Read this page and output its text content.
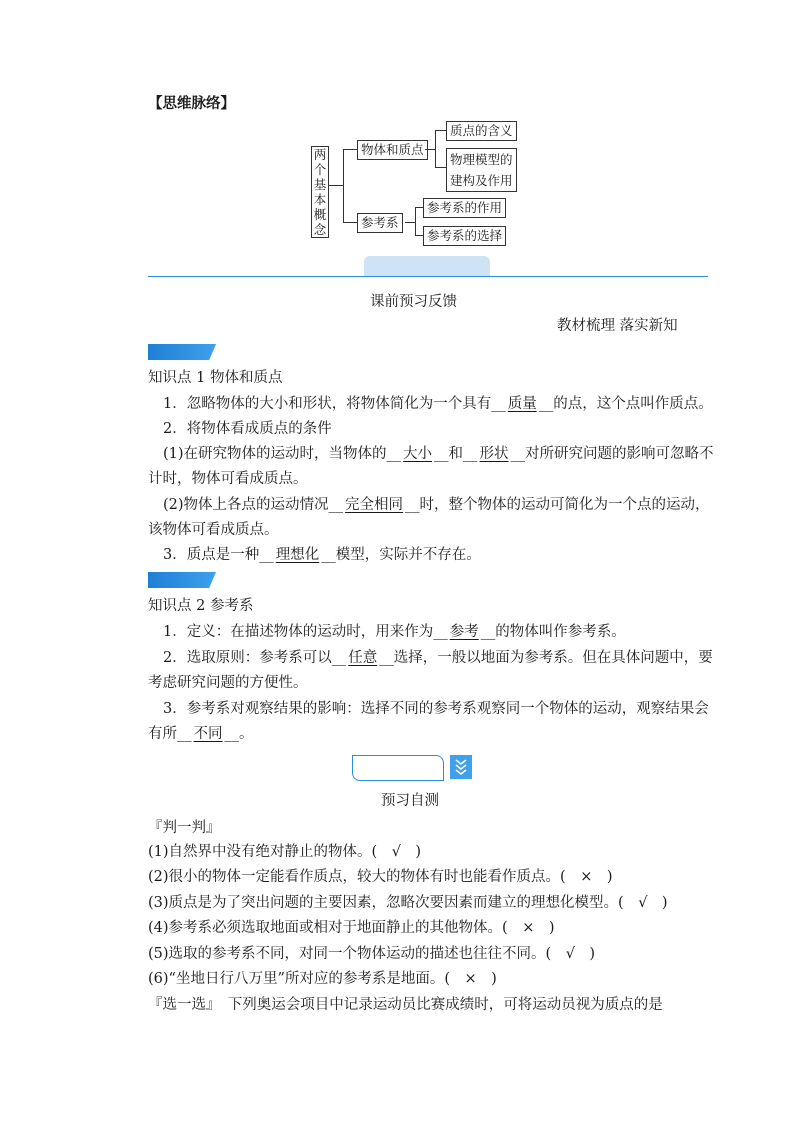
【思维脉络】
两个基本概念
物体和质点
质点的含义
物理模型的
建构及作用
参考系
参考系的作用
参考系的选择
课前预习反馈
教材梳理 落实新知
知识点 1 物体和质点
1．忽略物体的大小和形状，将物体简化为一个具有__ 质量 __的点，这个点叫作质点。
2．将物体看成质点的条件
(1)在研究物体的运动时，当物体的__ 大小 __和__ 形状 __对所研究问题的影响可忽略不
计时，物体可看成质点。
(2)物体上各点的运动情况__ 完全相同 __时，整个物体的运动可简化为一个点的运动，
该物体可看成质点。
3．质点是一种__ 理想化 __模型，实际并不存在。
知识点 2 参考系
1．定义：在描述物体的运动时，用来作为__ 参考 __的物体叫作参考系。
2．选取原则：参考系可以__ 任意 __选择，一般以地面为参考系。但在具体问题中，要
考虑研究问题的方便性。
3．参考系对观察结果的影响：选择不同的参考系观察同一个物体的运动，观察结果会
有所__ 不同 __。
预习自测
『判一判』
(1)自然界中没有绝对静止的物体。(　√　)
(2)很小的物体一定能看作质点，较大的物体有时也能看作质点。(　×　)
(3)质点是为了突出问题的主要因素，忽略次要因素而建立的理想化模型。(　√　)
(4)参考系必须选取地面或相对于地面静止的其他物体。(　×　)
(5)选取的参考系不同，对同一个物体运动的描述也往往不同。(　√　)
(6)“坐地日行八万里”所对应的参考系是地面。(　×　)
『选一选』　 下列奥运会项目中记录运动员比赛成绩时，可将运动员视为质点的是
